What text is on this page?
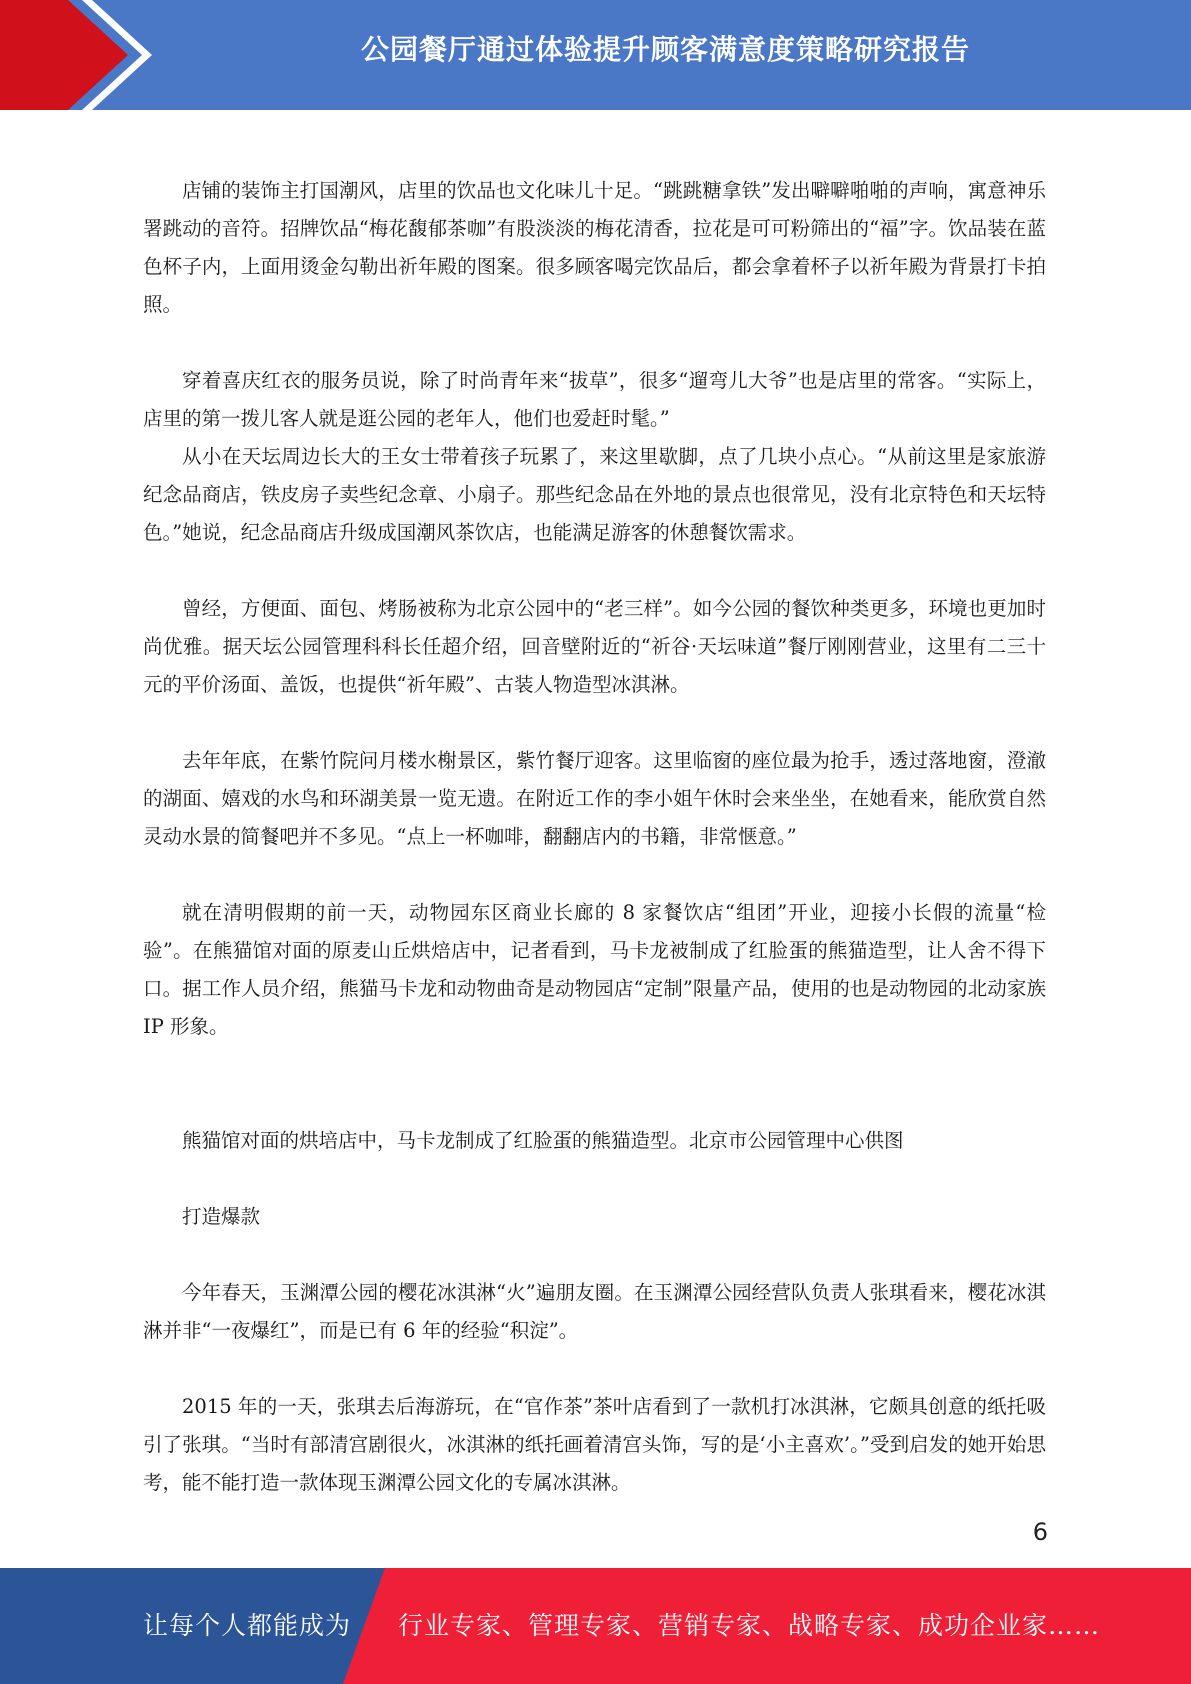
公园餐厅通过体验提升顾客满意度策略研究报告

店铺的装饰主打国潮风，店里的饮品也文化味儿十足。“跳跳糖拿铁”发出噼噼啪啪的声响，寓意神乐署跳动的音符。招牌饮品“梅花馥郁茶咖”有股淡淡的梅花清香，拉花是可可粉筛出的“福”字。饮品装在蓝色杯子内，上面用烫金勾勒出祈年殿的图案。很多顾客喝完饮品后，都会拿着杯子以祈年殿为背景打卡拍照。

穿着喜庆红衣的服务员说，除了时尚青年来“拔草”，很多“遛弯儿大爷”也是店里的常客。“实际上，店里的第一拨儿客人就是逛公园的老年人，他们也爱赶时髦。”

从小在天坛周边长大的王女士带着孩子玩累了，来这里歇脚，点了几块小点心。“从前这里是家旅游纪念品商店，铁皮房子卖些纪念章、小扇子。那些纪念品在外地的景点也很常见，没有北京特色和天坛特色。”她说，纪念品商店升级成国潮风茶饮店，也能满足游客的休憩餐饮需求。

曾经，方便面、面包、烤肠被称为北京公园中的“老三样”。如今公园的餐饮种类更多，环境也更加时尚优雅。据天坛公园管理科科长任超介绍，回音壁附近的“祈谷·天坛味道”餐厅刚刚营业，这里有二三十元的平价汤面、盖饭，也提供“祈年殿”、古装人物造型冰淇淋。

去年年底，在紫竹院问月楼水榭景区，紫竹餐厅迎客。这里临窗的座位最为抢手，透过落地窗，澄澈的湖面、嬉戏的水鸟和环湖美景一览无遗。在附近工作的李小姐午休时会来坐坐，在她看来，能欣赏自然灵动水景的简餐吧并不多见。“点上一杯咖啡，翻翻店内的书籍，非常惬意。”

就在清明假期的前一天，动物园东区商业长廊的 8 家餐饮店“组团”开业，迎接小长假的流量“检验”。在熊猫馆对面的原麦山丘烘焙店中，记者看到，马卡龙被制成了红脸蛋的熊猫造型，让人舍不得下口。据工作人员介绍，熊猫马卡龙和动物曲奇是动物园店“定制”限量产品，使用的也是动物园的北动家族 IP 形象。

熊猫馆对面的烘培店中，马卡龙制成了红脸蛋的熊猫造型。北京市公园管理中心供图

打造爆款

今年春天，玉渊潭公园的樱花冰淇淋“火”遍朋友圈。在玉渊潭公园经营队负责人张琪看来，樱花冰淇淋并非“一夜爆红”，而是已有 6 年的经验“积淀”。

2015 年的一天，张琪去后海游玩，在“官作茶”茶叶店看到了一款机打冰淇淋，它颇具创意的纸托吸引了张琪。“当时有部清宫剧很火，冰淇淋的纸托画着清宫头饰，写的是‘小主喜欢’。”受到启发的她开始思考，能不能打造一款体现玉渊潭公园文化的专属冰淇淋。

6
让每个人都能成为 行业专家、管理专家、营销专家、战略专家、成功企业家……
